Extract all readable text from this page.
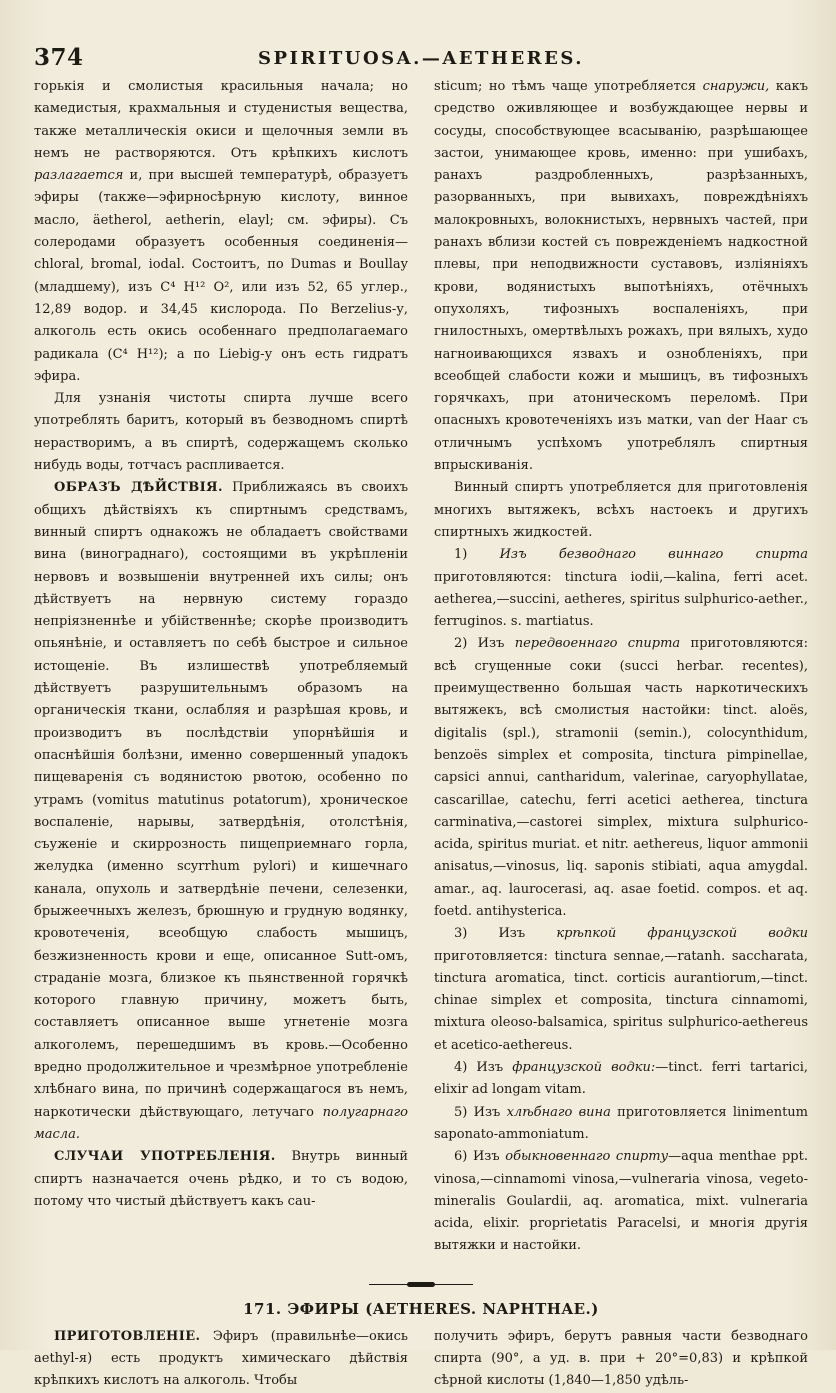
374	SPIRITUOSA.—AETHERES.

горькія и смолистыя красильныя начала; но камедистыя, крахмальныя и студенистыя вещества, также металлическія окиси и щелочныя земли въ немъ не растворяются. Отъ крѣпкихъ кислотъ разлагается и, при высшей температурѣ, образуетъ эфиры (также—эфирносѣрную кислоту, винное масло, äetherol, aetherin, elayl; см. эфиры). Съ солеродами образуетъ особенныя соединенія—chloral, bromal, iodal. Состоитъ, по Dumas и Boullay (младшему), изъ C⁴ H¹² O², или изъ 52, 65 углер., 12,89 водор. и 34,45 кислорода. По Berzelius-у, алкоголь есть окись особеннаго предполагаемаго радикала (C⁴ H¹²); а по Liebig-у онъ есть гидратъ эфира.

Для узнанія чистоты спирта лучше всего употреблять баритъ, который въ безводномъ спиртѣ нерастворимъ, а въ спиртѣ, содержащемъ сколько нибудь воды, тотчасъ распливается.

ОБРАЗЪ ДѢЙСТВІЯ. Приближаясь въ своихъ общихъ дѣйствіяхъ къ спиртнымъ средствамъ, винный спиртъ однакожъ не обладаетъ свойствами вина (винограднаго), состоящими въ укрѣпленіи нервовъ и возвышеніи внутренней ихъ силы; онъ дѣйствуетъ на нервную систему гораздо непріязненнѣе и убійственнѣе; скорѣе производитъ опьянѣніе, и оставляетъ по себѣ быстрое и сильное истощеніе. Въ излишествѣ употребляемый дѣйствуетъ разрушительнымъ образомъ на органическія ткани, ослабляя и разрѣшая кровь, и производитъ въ послѣдствіи упорнѣйшія и опаснѣйшія болѣзни, именно совершенный упадокъ пищеваренія съ водянистою рвотою, особенно по утрамъ (vomitus matutinus potatorum), хроническое воспаленіе, нарывы, затвердѣнія, отолстѣнія, съуженіе и скиррозность пищеприемнаго горла, желудка (именно scyrrhum pylori) и кишечнаго канала, опухоль и затвердѣніе печени, селезенки, брыжеечныхъ железъ, брюшную и грудную водянку, кровотеченія, всеобщую слабость мышицъ, безжизненность крови и еще, описанное Sutt-омъ, страданіе мозга, близкое къ пьянственной горячкѣ которого главную причину, можетъ быть, составляетъ описанное выше угнетеніе мозга алкоголемъ, перешедшимъ въ кровь.—Особенно вредно продолжительное и чрезмѣрное употребленіе хлѣбнаго вина, по причинѣ содержащагося въ немъ, наркотически дѣйствующаго, летучаго полугарнаго масла.

СЛУЧАИ УПОТРЕБЛЕНІЯ. Внутрь винный спиртъ назначается очень рѣдко, и то съ водою, потому что чистый дѣйствуетъ какъ cau-

sticum; но тѣмъ чаще употребляется снаружи, какъ средство оживляющее и возбуждающее нервы и сосуды, способствующее всасыванію, разрѣшающее застои, унимающее кровь, именно: при ушибахъ, ранахъ раздробленныхъ, разрѣзанныхъ, разорванныхъ, при вывихахъ, повреждѣніяхъ малокровныхъ, волокнистыхъ, нервныхъ частей, при ранахъ вблизи костей съ поврежденіемъ надкостной плевы, при неподвижности суставовъ, изліяніяхъ крови, водянистыхъ выпотѣніяхъ, отёчныхъ опухоляхъ, тифозныхъ воспаленіяхъ, при гнилостныхъ, омертвѣлыхъ рожахъ, при вялыхъ, худо нагноивающихся язвахъ и ознобленіяхъ, при всеобщей слабости кожи и мышицъ, въ тифозныхъ горячкахъ, при атоническомъ переломѣ. При опасныхъ кровотеченіяхъ изъ матки, van der Haar съ отличнымъ успѣхомъ употреблялъ спиртныя впрыскиванія.

Винный спиртъ употребляется для приготовленія многихъ вытяжекъ, всѣхъ настоекъ и другихъ спиртныхъ жидкостей.

1) Изъ безводнаго виннаго спирта приготовляются: tinctura iodii,—kalina, ferri acet. aetherea,—succini, aetheres, spiritus sulphurico-aether., ferruginos. s. martiatus.

2) Изъ передвоеннаго спирта приготовляются: всѣ сгущенные соки (succi herbar. recentes), преимущественно большая часть наркотическихъ вытяжекъ, всѣ смолистыя настойки: tinct. aloës, digitalis (spl.), stramonii (semin.), colocynthidum, benzoës simplex et composita, tinctura pimpinellae, capsici annui, cantharidum, valerinae, caryophyllatae, cascarillae, catechu, ferri acetici aetherea, tinctura carminativa,—castorei simplex, mixtura sulphurico-acida, spiritus muriat. et nitr. aethereus, liquor ammonii anisatus,—vinosus, liq. saponis stibiati, aqua amygdal. amar., aq. laurocerasi, aq. asae foetid. compos. et aq. foetd. antihysterica.

3) Изъ крѣпкой французской водки приготовляется: tinctura sennae,—ratanh. saccharata, tinctura aromatica, tinct. corticis aurantiorum,—tinct. chinae simplex et composita, tinctura cinnamomi, mixtura oleoso-balsamica, spiritus sulphurico-aethereus et acetico-aethereus.

4) Изъ французской водки:—tinct. ferri tartarici, elixir ad longam vitam.

5) Изъ хлѣбнаго вина приготовляется linimentum saponato-ammoniatum.

6) Изъ обыкновеннаго спирту—aqua menthae ppt. vinosa,—cinnamomi vinosa,—vulneraria vinosa, vegeto-mineralis Goulardii, aq. aromatica, mixt. vulneraria acida, elixir. proprietatis Paracelsi, и многія другія вытяжки и настойки.

171. ЭФИРЫ (AETHERES. NAPHTHAE.)

ПРИГОТОВЛЕНІЕ. Эфиръ (правильнѣе—окись aethyl-я) есть продуктъ химическаго дѣйствія крѣпкихъ кислотъ на алкоголь. Чтобы

получить эфиръ, берутъ равныя части безводнаго спирта (90°, а уд. в. при + 20°=0,83) и крѣпкой сѣрной кислоты (1,840—1,850 удѣль-
